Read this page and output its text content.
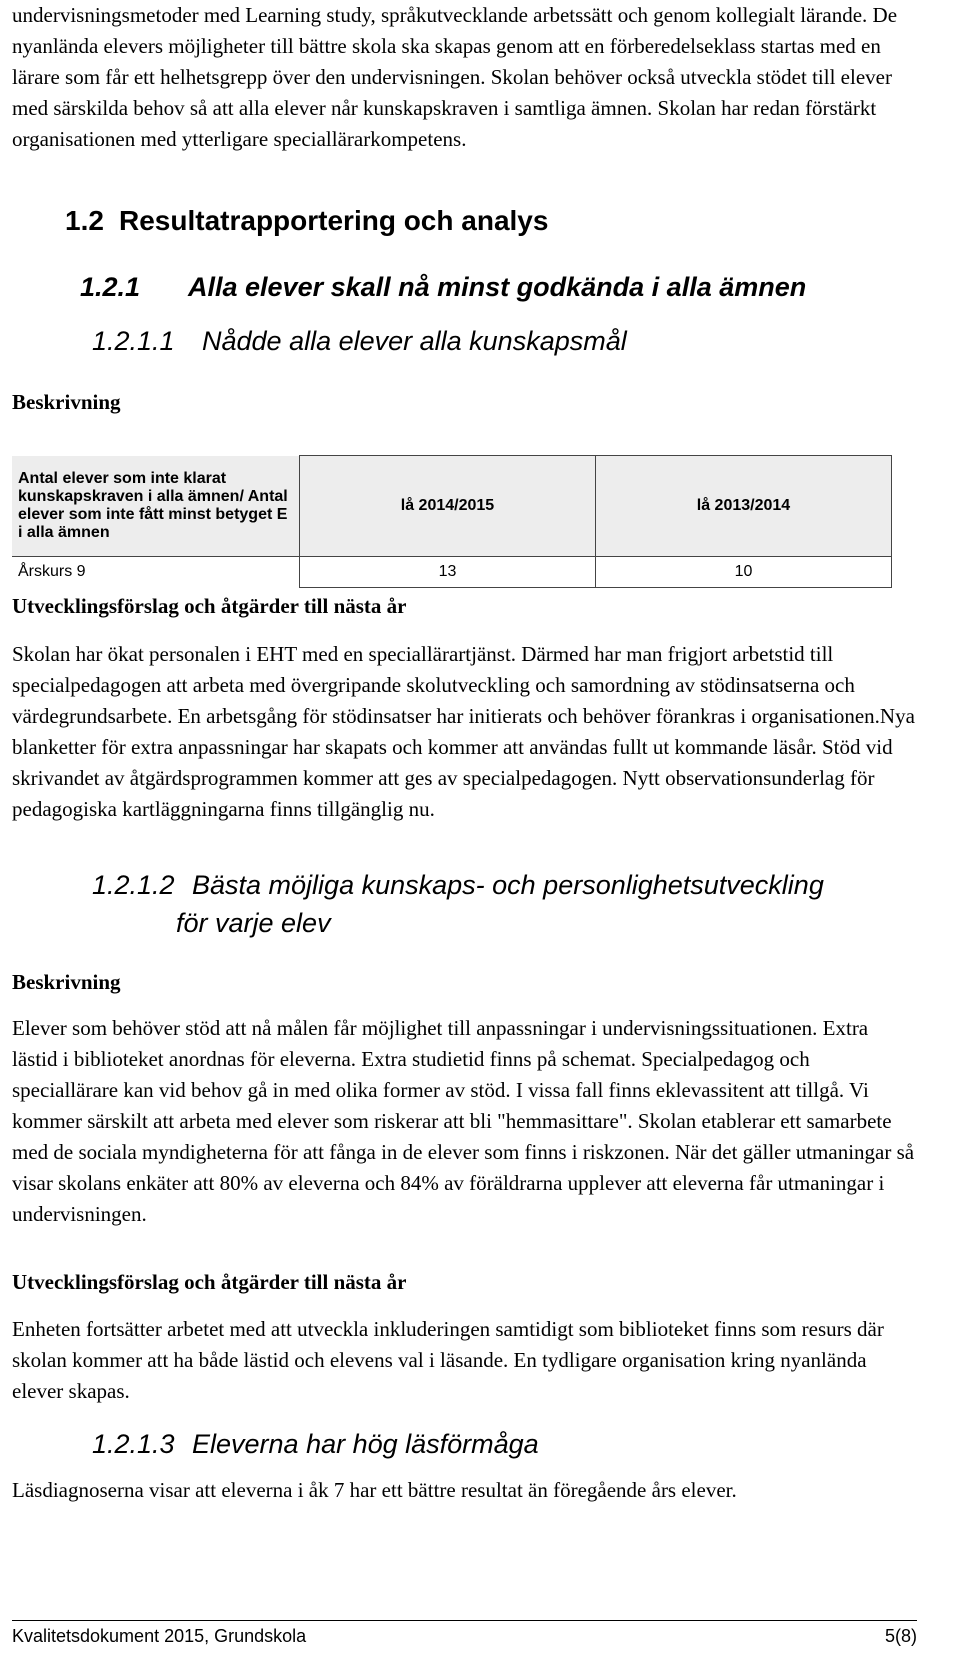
undervisningsmetoder med Learning study, språkutvecklande arbetssätt och genom kollegialt lärande. De nyanlända elevers möjligheter till bättre skola ska skapas genom att en förberedelseklass startas med en lärare som får ett helhetsgrepp över den undervisningen. Skolan behöver också utveckla stödet till elever med särskilda behov så att alla elever når kunskapskraven i samtliga ämnen. Skolan har redan förstärkt organisationen med ytterligare speciallärarkompetens.

1.2 Resultatrapportering och analys
1.2.1 Alla elever skall nå minst godkända i alla ämnen
1.2.1.1 Nådde alla elever alla kunskapsmål

Beskrivning

Antal elever som inte klarat kunskapskraven i alla ämnen/ Antal elever som inte fått minst betyget E i alla ämnen	lå 2014/2015	lå 2013/2014
Årskurs 9	13	10

Utvecklingsförslag och åtgärder till nästa år

Skolan har ökat personalen i EHT med en speciallärartjänst. Därmed har man frigjort arbetstid till specialpedagogen att arbeta med övergripande skolutveckling och samordning av stödinsatserna och värdegrundsarbete. En arbetsgång för stödinsatser har initierats och behöver förankras i organisationen.Nya blanketter för extra anpassningar har skapats och kommer att användas fullt ut kommande läsår. Stöd vid skrivandet av åtgärdsprogrammen kommer att ges av specialpedagogen. Nytt observationsunderlag för pedagogiska kartläggningarna finns tillgänglig nu.

1.2.1.2 Bästa möjliga kunskaps- och personlighetsutveckling
för varje elev

Beskrivning

Elever som behöver stöd att nå målen får möjlighet till anpassningar i undervisningssituationen. Extra lästid i biblioteket anordnas för eleverna. Extra studietid finns på schemat. Specialpedagog och speciallärare kan vid behov gå in med olika former av stöd. I vissa fall finns eklevassitent att tillgå. Vi kommer särskilt att arbeta med elever som riskerar att bli "hemmasittare". Skolan etablerar ett samarbete med de sociala myndigheterna för att fånga in de elever som finns i riskzonen. När det gäller utmaningar så visar skolans enkäter att 80% av eleverna och 84% av föräldrarna upplever att eleverna får utmaningar i undervisningen.

Utvecklingsförslag och åtgärder till nästa år

Enheten fortsätter arbetet med att utveckla inkluderingen samtidigt som biblioteket finns som resurs där skolan kommer att ha både lästid och elevens val i läsande. En tydligare organisation kring nyanlända elever skapas.

1.2.1.3 Eleverna har hög läsförmåga

Läsdiagnoserna visar att eleverna i åk 7 har ett bättre resultat än föregående års elever.

Kvalitetsdokument 2015, Grundskola	5(8)
